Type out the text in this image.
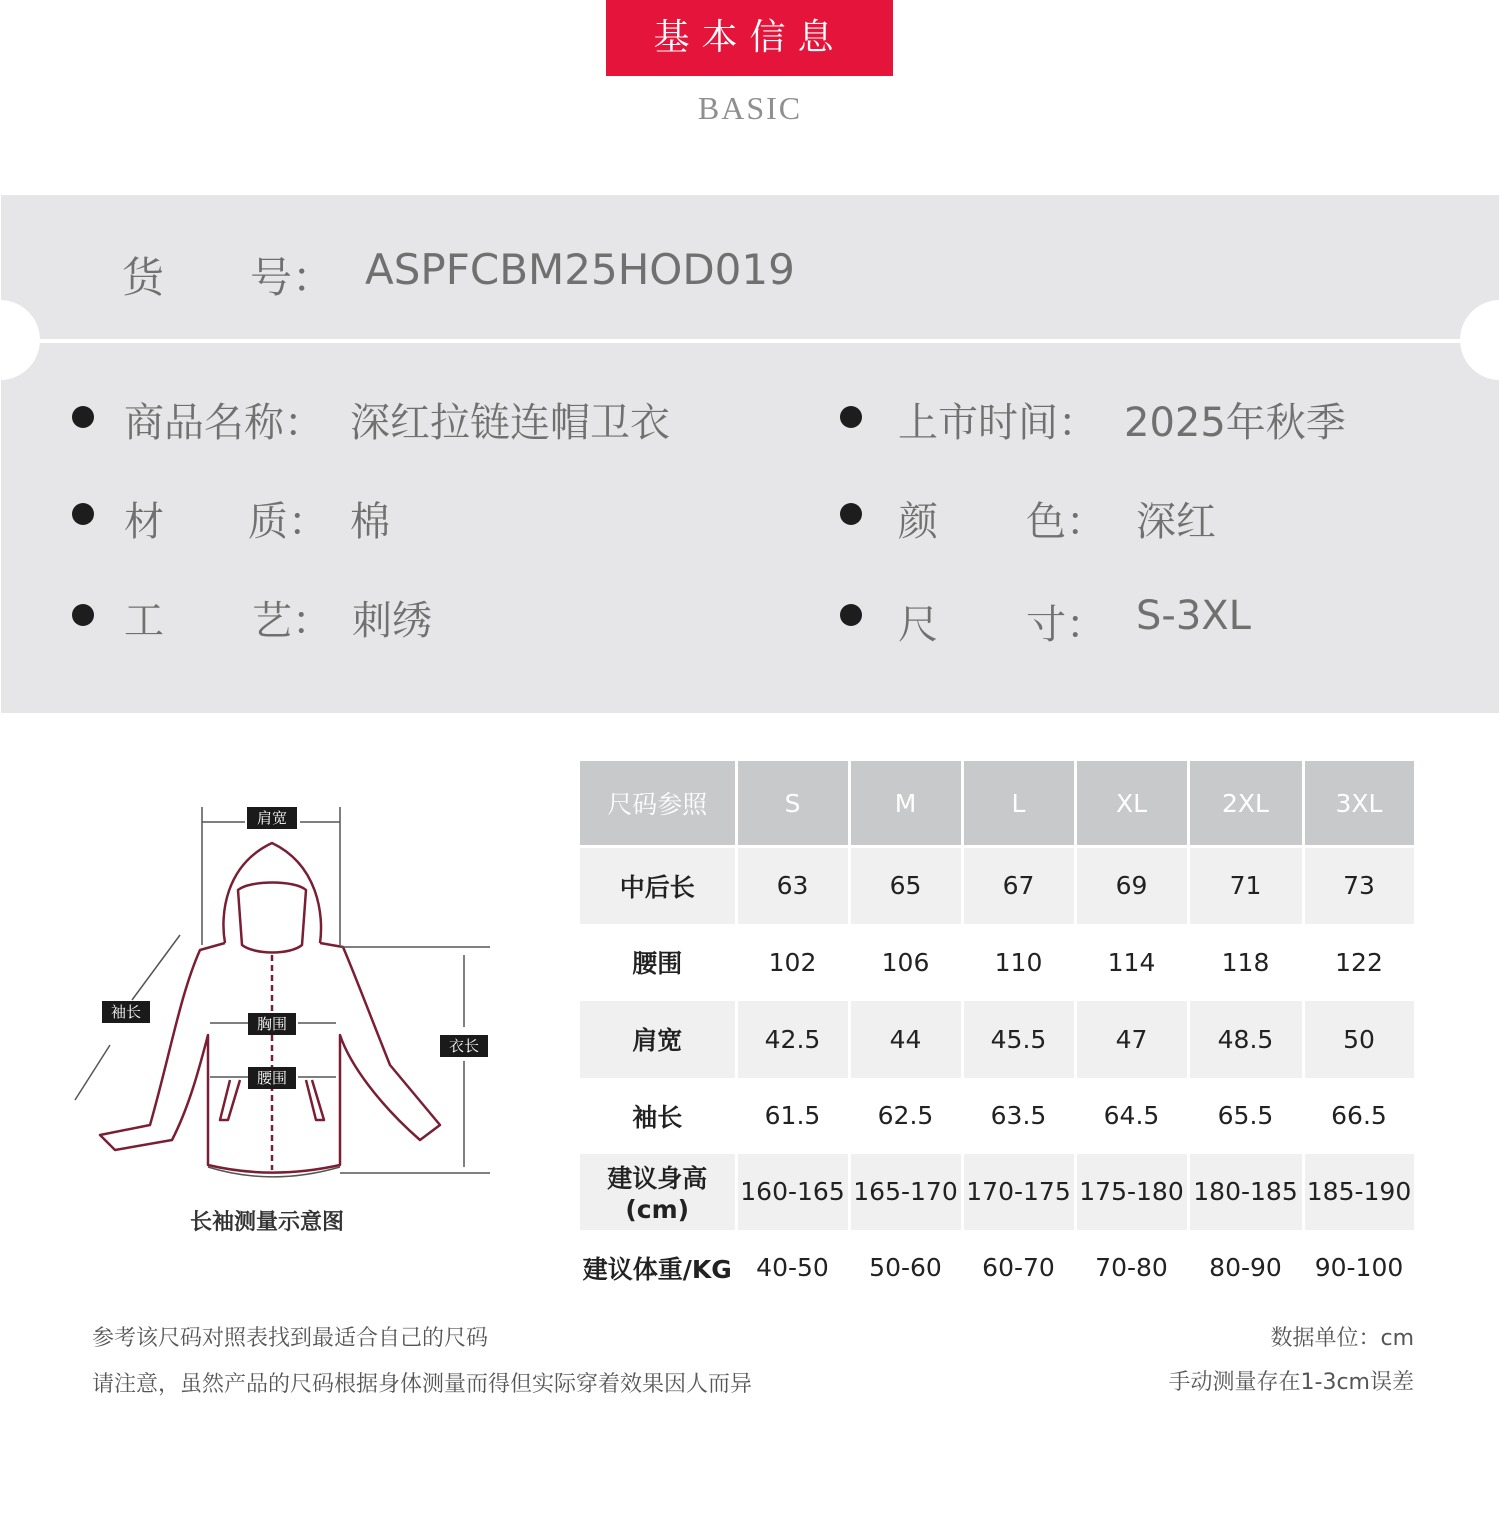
基本信息
BASIC
货 号： ASPFCBM25HOD019
商品名称： 深红拉链连帽卫衣
材 质： 棉
工 艺： 刺绣
上市时间： 2025年秋季
颜 色： 深红
尺 寸： S-3XL
肩宽
袖长
胸围
腰围
衣长
长袖测量示意图
尺码参照	S	M	L	XL	2XL	3XL
中后长	63	65	67	69	71	73
腰围	102	106	110	114	118	122
肩宽	42.5	44	45.5	47	48.5	50
袖长	61.5	62.5	63.5	64.5	65.5	66.5
建议身高(cm)	160-165	165-170	170-175	175-180	180-185	185-190
建议体重/KG	40-50	50-60	60-70	70-80	80-90	90-100
参考该尺码对照表找到最适合自己的尺码
请注意，虽然产品的尺码根据身体测量而得但实际穿着效果因人而异
数据单位：cm
手动测量存在1-3cm误差
